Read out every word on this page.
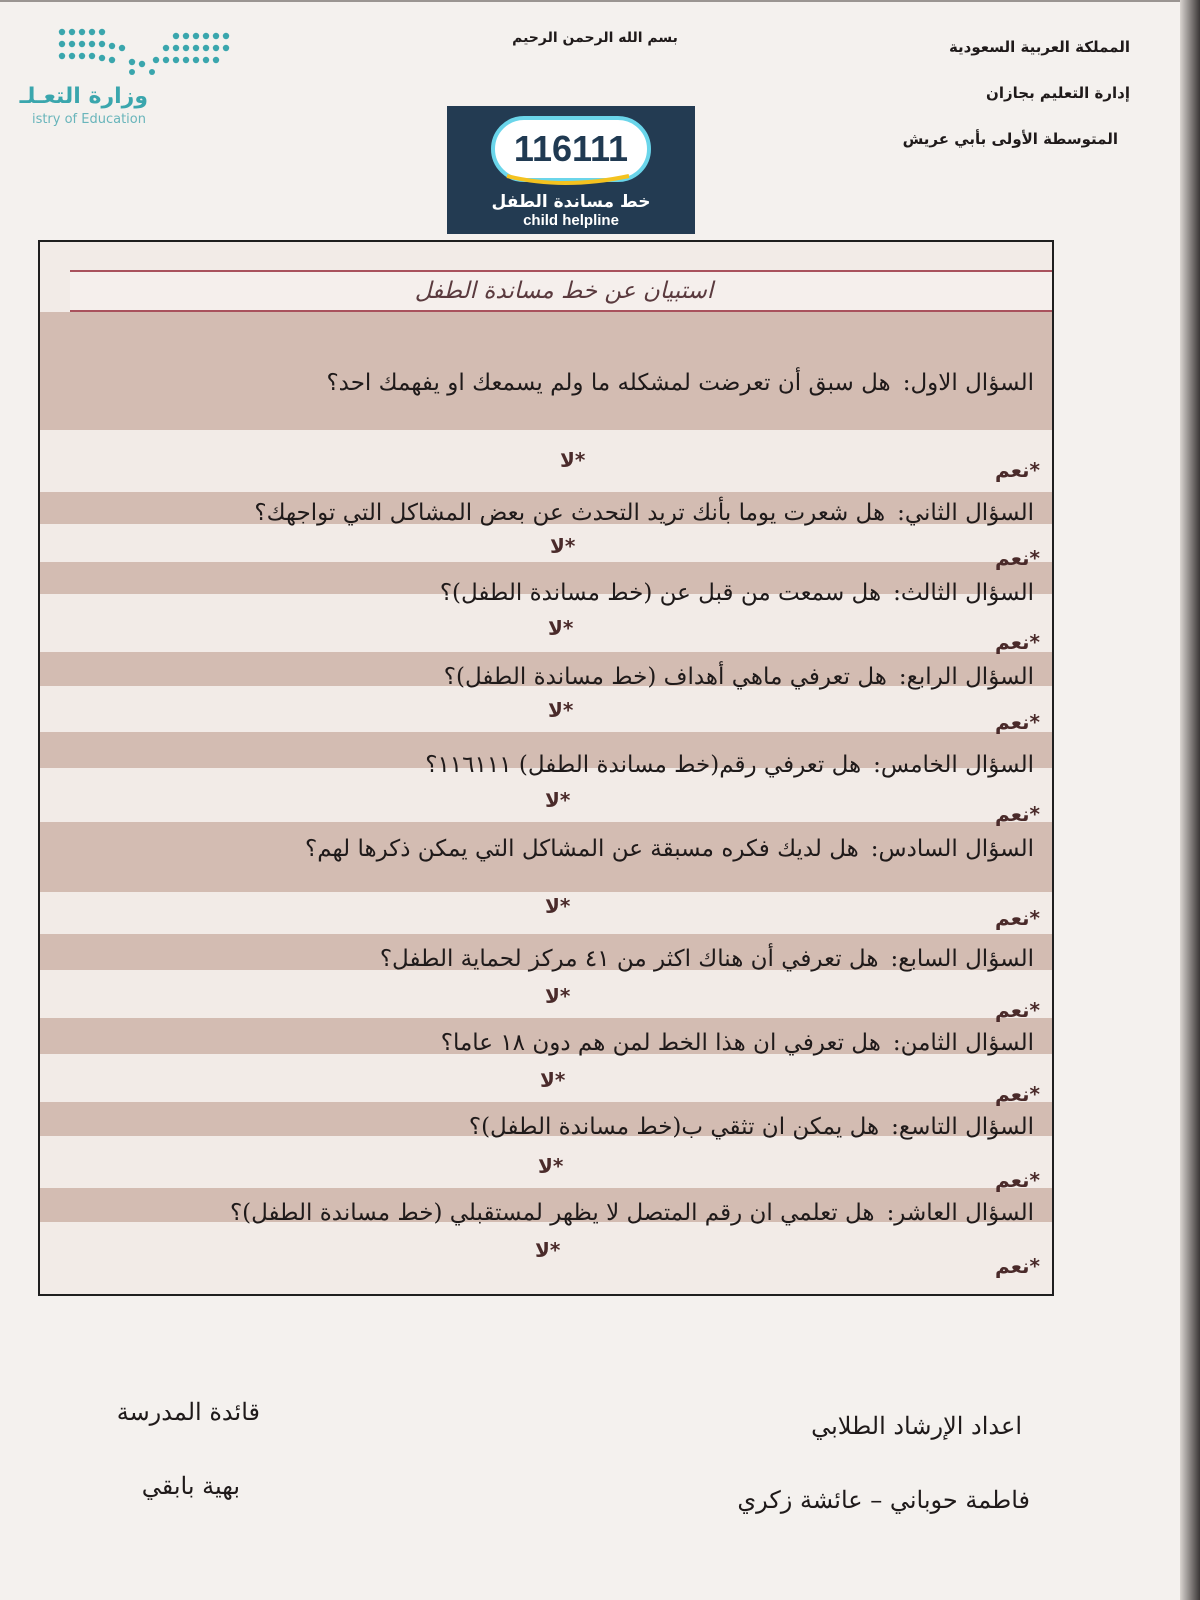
بسم الله الرحمن الرحيم	المملكة العربية السعودية
إدارة التعليم بجازان
المتوسطة الأولى بأبي عريش
وزارة التعـلـ
istry of Education
116111
خط مساندة الطفل
child helpline
استبيان عن خط مساندة الطفل
السؤال الاول:هل سبق أن تعرضت لمشكله ما ولم يسمعك او يفهمك احد؟
*لا	*نعم
السؤال الثاني:هل شعرت يوما بأنك تريد التحدث عن بعض المشاكل التي تواجهك؟
*لا	*نعم
السؤال الثالث:هل سمعت من قبل عن (خط مساندة الطفل)؟
*لا
*نعم
السؤال الرابع:هل تعرفي ماهي أهداف (خط مساندة الطفل)؟
*لا	*نعم
السؤال الخامس:هل تعرفي رقم(خط مساندة الطفل) ١١٦١١١؟
*لا
*نعم
السؤال السادس:هل لديك فكره مسبقة عن المشاكل التي يمكن ذكرها لهم؟
*لا	*نعم
السؤال السابع:هل تعرفي أن هناك اكثر من ٤١ مركز لحماية الطفل؟
*لا
*نعم
السؤال الثامن:هل تعرفي ان هذا الخط لمن هم دون ١٨ عاما؟
*لا
*نعم
السؤال التاسع:هل يمكن ان تثقي ب(خط مساندة الطفل)؟
*لا
*نعم
السؤال العاشر:هل تعلمي ان رقم المتصل لا يظهر لمستقبلي (خط مساندة الطفل)؟
*لا
*نعم
اعداد الإرشاد الطلابي
فاطمة حوباني – عائشة زكري
قائدة المدرسة
بهية بابقي
